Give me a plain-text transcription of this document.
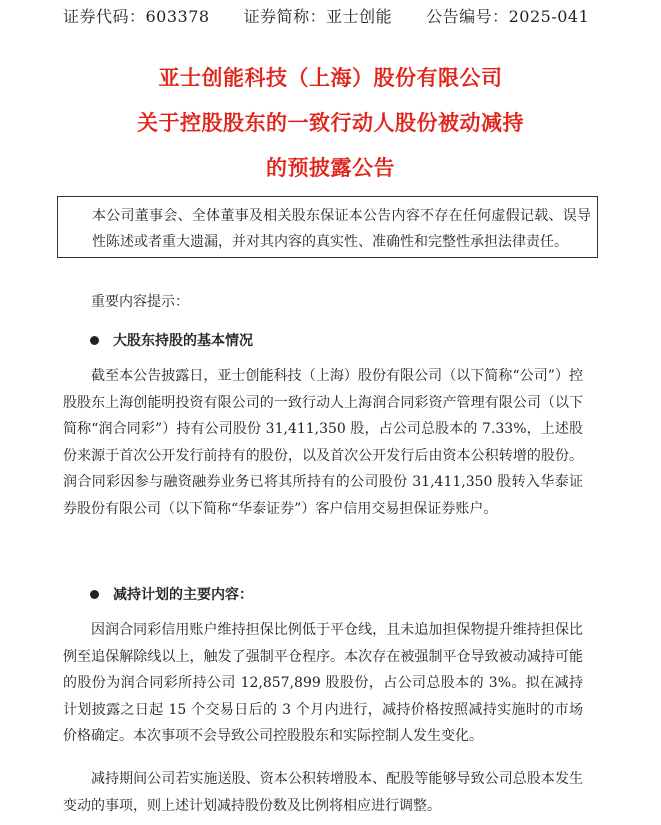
证券代码：603378 证券简称：亚士创能 公告编号：2025-041
亚士创能科技（上海）股份有限公司
关于控股股东的一致行动人股份被动减持
的预披露公告
本公司董事会、全体董事及相关股东保证本公告内容不存在任何虚假记载、误导性陈述或者重大遗漏，并对其内容的真实性、准确性和完整性承担法律责任。
重要内容提示：
大股东持股的基本情况
截至本公告披露日，亚士创能科技（上海）股份有限公司（以下简称“公司”）控股股东上海创能明投资有限公司的一致行动人上海润合同彩资产管理有限公司（以下简称“润合同彩”）持有公司股份 31,411,350 股，占公司总股本的 7.33%，上述股份来源于首次公开发行前持有的股份，以及首次公开发行后由资本公积转增的股份。润合同彩因参与融资融券业务已将其所持有的公司股份 31,411,350 股转入华泰证券股份有限公司（以下简称“华泰证券”）客户信用交易担保证券账户。
减持计划的主要内容：
因润合同彩信用账户维持担保比例低于平仓线，且未追加担保物提升维持担保比例至追保解除线以上，触发了强制平仓程序。本次存在被强制平仓导致被动减持可能的股份为润合同彩所持公司 12,857,899 股股份，占公司总股本的 3%。拟在减持计划披露之日起 15 个交易日后的 3 个月内进行，减持价格按照减持实施时的市场价格确定。本次事项不会导致公司控股股东和实际控制人发生变化。
减持期间公司若实施送股、资本公积转增股本、配股等能够导致公司总股本发生变动的事项，则上述计划减持股份数及比例将相应进行调整。
